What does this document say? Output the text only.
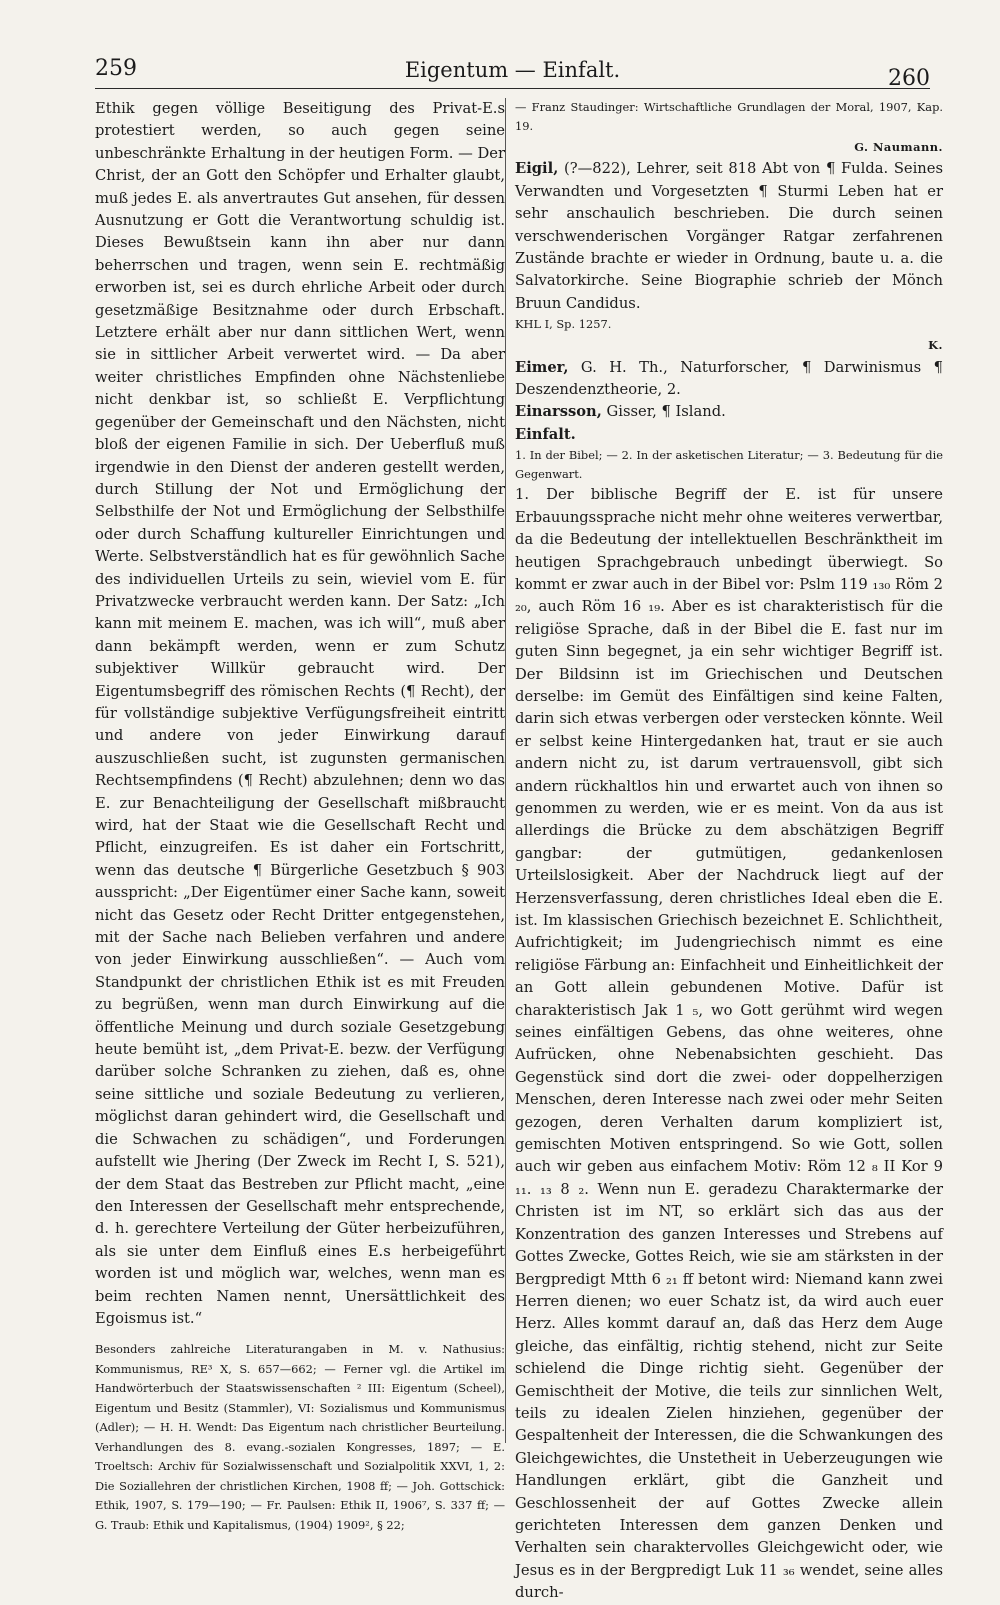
259	Eigentum — Einfalt.	260

Ethik gegen völlige Beseitigung des Privat-E.s protestiert werden, so auch gegen seine unbeschränkte Erhaltung in der heutigen Form. — Der Christ, der an Gott den Schöpfer und Erhalter glaubt, muß jedes E. als anvertrautes Gut ansehen, für dessen Ausnutzung er Gott die Verantwortung schuldig ist. Dieses Bewußtsein kann ihn aber nur dann beherrschen und tragen, wenn sein E. rechtmäßig erworben ist, sei es durch ehrliche Arbeit oder durch gesetzmäßige Besitznahme oder durch Erbschaft. Letztere erhält aber nur dann sittlichen Wert, wenn sie in sittlicher Arbeit verwertet wird. — Da aber weiter christliches Empfinden ohne Nächstenliebe nicht denkbar ist, so schließt E. Verpflichtung gegenüber der Gemeinschaft und den Nächsten, nicht bloß der eigenen Familie in sich. Der Ueberfluß muß irgendwie in den Dienst der anderen gestellt werden, durch Stillung der Not und Ermöglichung der Selbsthilfe der Not und Ermöglichung der Selbsthilfe oder durch Schaffung kultureller Einrichtungen und Werte. Selbstverständlich hat es für gewöhnlich Sache des individuellen Urteils zu sein, wieviel vom E. für Privatzwecke verbraucht werden kann. Der Satz: „Ich kann mit meinem E. machen, was ich will“, muß aber dann bekämpft werden, wenn er zum Schutz subjektiver Willkür gebraucht wird. Der Eigentumsbegriff des römischen Rechts (¶ Recht), der für vollständige subjektive Verfügungsfreiheit eintritt und andere von jeder Einwirkung darauf auszuschließen sucht, ist zugunsten germanischen Rechtsempfindens (¶ Recht) abzulehnen; denn wo das E. zur Benachteiligung der Gesellschaft mißbraucht wird, hat der Staat wie die Gesellschaft Recht und Pflicht, einzugreifen. Es ist daher ein Fortschritt, wenn das deutsche ¶ Bürgerliche Gesetzbuch § 903 ausspricht: „Der Eigentümer einer Sache kann, soweit nicht das Gesetz oder Recht Dritter entgegenstehen, mit der Sache nach Belieben verfahren und andere von jeder Einwirkung ausschließen“. — Auch vom Standpunkt der christlichen Ethik ist es mit Freuden zu begrüßen, wenn man durch Einwirkung auf die öffentliche Meinung und durch soziale Gesetzgebung heute bemüht ist, „dem Privat-E. bezw. der Verfügung darüber solche Schranken zu ziehen, daß es, ohne seine sittliche und soziale Bedeutung zu verlieren, möglichst daran gehindert wird, die Gesellschaft und die Schwachen zu schädigen“, und Forderungen aufstellt wie Jhering (Der Zweck im Recht I, S. 521), der dem Staat das Bestreben zur Pflicht macht, „eine den Interessen der Gesellschaft mehr entsprechende, d. h. gerechtere Verteilung der Güter herbeizuführen, als sie unter dem Einfluß eines E.s herbeigeführt worden ist und möglich war, welches, wenn man es beim rechten Namen nennt, Unersättlichkeit des Egoismus ist.“

Besonders zahlreiche Literaturangaben in M. v. Nathusius: Kommunismus, RE³ X, S. 657—662; — Ferner vgl. die Artikel im Handwörterbuch der Staatswissenschaften ² III: Eigentum (Scheel), Eigentum und Besitz (Stammler), VI: Sozialismus und Kommunismus (Adler); — H. H. Wendt: Das Eigentum nach christlicher Beurteilung. Verhandlungen des 8. evang.-sozialen Kongresses, 1897; — E. Troeltsch: Archiv für Sozialwissenschaft und Sozialpolitik XXVI, 1, 2: Die Soziallehren der christlichen Kirchen, 1908 ff; — Joh. Gottschick: Ethik, 1907, S. 179—190; — Fr. Paulsen: Ethik II, 1906⁷, S. 337 ff; — G. Traub: Ethik und Kapitalismus, (1904) 1909², § 22;

— Franz Staudinger: Wirtschaftliche Grundlagen der Moral, 1907, Kap. 19.

G. Naumann.

Eigil, (?—822), Lehrer, seit 818 Abt von ¶ Fulda. Seines Verwandten und Vorgesetzten ¶ Sturmi Leben hat er sehr anschaulich beschrieben. Die durch seinen verschwenderischen Vorgänger Ratgar zerfahrenen Zustände brachte er wieder in Ordnung, baute u. a. die Salvatorkirche. Seine Biographie schrieb der Mönch Bruun Candidus.

KHL I, Sp. 1257.

K.

Eimer, G. H. Th., Naturforscher, ¶ Darwinismus ¶ Deszendenztheorie, 2.

Einarsson, Gisser, ¶ Island.

Einfalt.

1. In der Bibel; — 2. In der asketischen Literatur; — 3. Bedeutung für die Gegenwart.

1. Der biblische Begriff der E. ist für unsere Erbauungssprache nicht mehr ohne weiteres verwertbar, da die Bedeutung der intellektuellen Beschränktheit im heutigen Sprachgebrauch unbedingt überwiegt. So kommt er zwar auch in der Bibel vor: Pslm 119 ₁₃₀ Röm 2 ₂₀, auch Röm 16 ₁₉. Aber es ist charakteristisch für die religiöse Sprache, daß in der Bibel die E. fast nur im guten Sinn begegnet, ja ein sehr wichtiger Begriff ist. Der Bildsinn ist im Griechischen und Deutschen derselbe: im Gemüt des Einfältigen sind keine Falten, darin sich etwas verbergen oder verstecken könnte. Weil er selbst keine Hintergedanken hat, traut er sie auch andern nicht zu, ist darum vertrauensvoll, gibt sich andern rückhaltlos hin und erwartet auch von ihnen so genommen zu werden, wie er es meint. Von da aus ist allerdings die Brücke zu dem abschätzigen Begriff gangbar: der gutmütigen, gedankenlosen Urteilslosigkeit. Aber der Nachdruck liegt auf der Herzensverfassung, deren christliches Ideal eben die E. ist. Im klassischen Griechisch bezeichnet E. Schlichtheit, Aufrichtigkeit; im Judengriechisch nimmt es eine religiöse Färbung an: Einfachheit und Einheitlichkeit der an Gott allein gebundenen Motive. Dafür ist charakteristisch Jak 1 ₅, wo Gott gerühmt wird wegen seines einfältigen Gebens, das ohne weiteres, ohne Aufrücken, ohne Nebenabsichten geschieht. Das Gegenstück sind dort die zwei- oder doppelherzigen Menschen, deren Interesse nach zwei oder mehr Seiten gezogen, deren Verhalten darum kompliziert ist, gemischten Motiven entspringend. So wie Gott, sollen auch wir geben aus einfachem Motiv: Röm 12 ₈ II Kor 9 ₁₁. ₁₃ 8 ₂. Wenn nun E. geradezu Charaktermarke der Christen ist im NT, so erklärt sich das aus der Konzentration des ganzen Interesses und Strebens auf Gottes Zwecke, Gottes Reich, wie sie am stärksten in der Bergpredigt Mtth 6 ₂₁ ff betont wird: Niemand kann zwei Herren dienen; wo euer Schatz ist, da wird auch euer Herz. Alles kommt darauf an, daß das Herz dem Auge gleiche, das einfältig, richtig stehend, nicht zur Seite schielend die Dinge richtig sieht. Gegenüber der Gemischtheit der Motive, die teils zur sinnlichen Welt, teils zu idealen Zielen hinziehen, gegenüber der Gespaltenheit der Interessen, die die Schwankungen des Gleichgewichtes, die Unstetheit in Ueberzeugungen wie Handlungen erklärt, gibt die Ganzheit und Geschlossenheit der auf Gottes Zwecke allein gerichteten Interessen dem ganzen Denken und Verhalten sein charaktervolles Gleichgewicht oder, wie Jesus es in der Bergpredigt Luk 11 ₃₆ wendet, seine alles durch-
